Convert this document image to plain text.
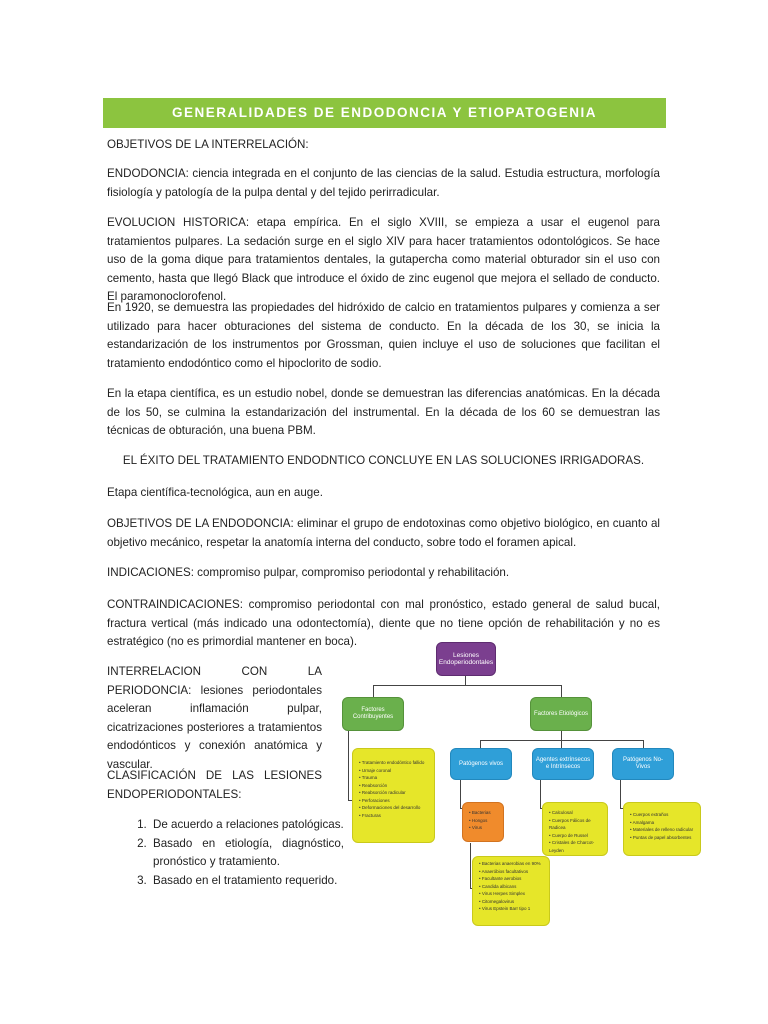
GENERALIDADES DE ENDODONCIA Y ETIOPATOGENIA

OBJETIVOS DE LA INTERRELACIÓN:

ENDODONCIA: ciencia integrada en el conjunto de las ciencias de la salud. Estudia estructura, morfología fisiología y patología de la pulpa dental y del tejido perirradicular.

EVOLUCION HISTORICA: etapa empírica. En el siglo XVIII, se empieza a usar el eugenol para tratamientos pulpares. La sedación surge en el siglo XIV para hacer tratamientos odontológicos. Se hace uso de la goma dique para tratamientos dentales, la gutapercha como material obturador sin el uso con cemento, hasta que llegó Black que introduce el óxido de zinc eugenol que mejora el sellado de conducto. El paramonoclorofenol.

En 1920, se demuestra las propiedades del hidróxido de calcio en tratamientos pulpares y comienza a ser utilizado para hacer obturaciones del sistema de conducto. En la década de los 30, se inicia la estandarización de los instrumentos por Grossman, quien incluye el uso de soluciones que facilitan el tratamiento endodóntico como el hipoclorito de sodio.

En la etapa científica, es un estudio nobel, donde se demuestran las diferencias anatómicas. En la década de los 50, se culmina la estandarización del instrumental. En la década de los 60 se demuestran las técnicas de obturación, una buena PBM.

EL ÉXITO DEL TRATAMIENTO ENDODNTICO CONCLUYE EN LAS SOLUCIONES IRRIGADORAS.

Etapa científica-tecnológica, aun en auge.

OBJETIVOS DE LA ENDODONCIA: eliminar el grupo de endotoxinas como objetivo biológico, en cuanto al objetivo mecánico, respetar la anatomía interna del conducto, sobre todo el foramen apical.

INDICACIONES: compromiso pulpar, compromiso periodontal y rehabilitación.

CONTRAINDICACIONES: compromiso periodontal con mal pronóstico, estado general de salud bucal, fractura vertical (más indicado una odontectomía), diente que no tiene opción de rehabilitación y no es estratégico (no es primordial mantener en boca).

INTERRELACION CON LA PERIODONCIA: lesiones periodontales aceleran inflamación pulpar, cicatrizaciones posteriores a tratamientos endodónticos y conexión anatómica y vascular.

CLASIFICACIÓN DE LAS LESIONES ENDOPERIODONTALES:

1. De acuerdo a relaciones patológicas.
2. Basado en etiología, diagnóstico, pronóstico y tratamiento.
3. Basado en el tratamiento requerido.
Lesiones Endoperiodontales
Factores Contribuyentes
Factores Etiológicos
Patógenos vivos
Agentes extrínsecos e Intrínsecos
Patógenos No- Vivos
• Tratamiento endodóntico fallido
• Urnaje coronal
• Trauma
• Reabsorción
• Reabsorción radicular
• Perforaciones
• Deformaciones del desarrollo
• Fracturas
•	Bacterias
• Hongos
• Virus
• Calculosal
• Cuerpos Fálicos de Radicea
• Cuerpo de Russel
• Cristales de Charcot-Leyden
• Cuerpos extraños
• Amalgama
• Materiales de relleno radicular
• Puntas de papel absorbentes
• Bacterias anaerobias en 90%
• Anaeróbios facultativos
• Facultante aerobios
• Candida albicans
• Virus Herpes Simplex
• Citomegalovirus
• Virus Epstein Barr tipo 1
